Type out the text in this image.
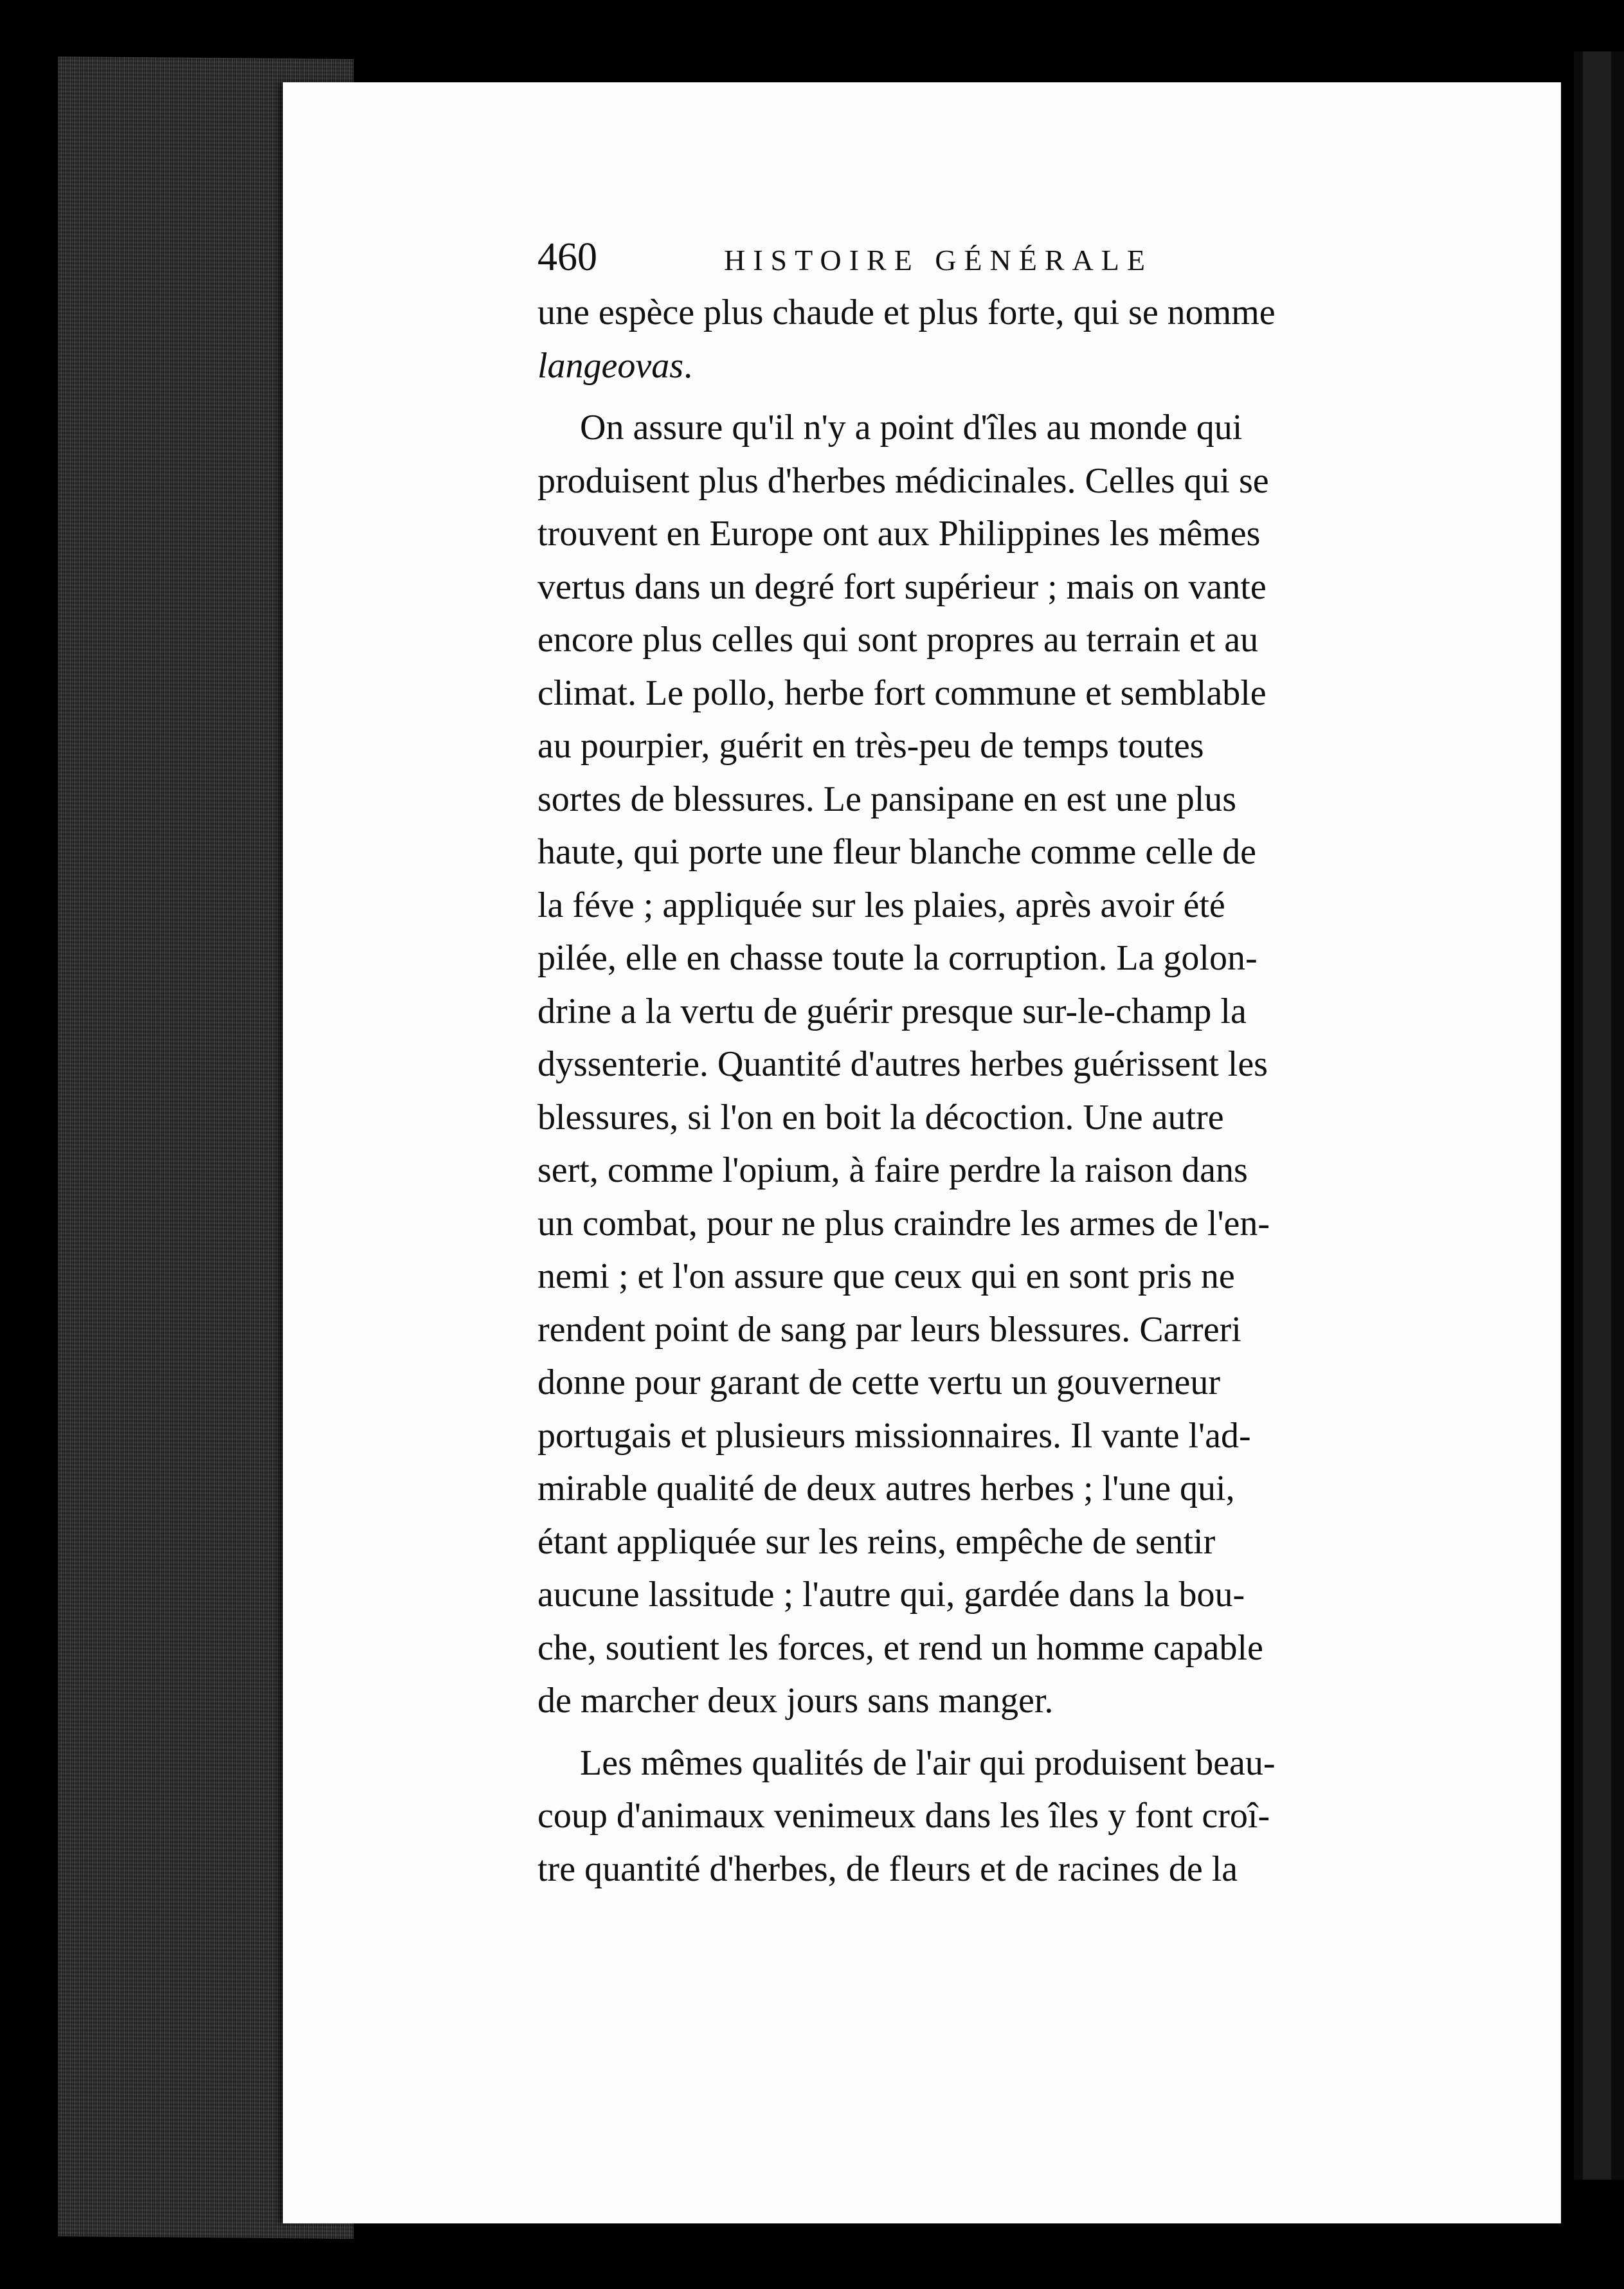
460	HISTOIRE GÉNÉRALE

une espèce plus chaude et plus forte, qui se nomme
langeovas.

On assure qu'il n'y a point d'îles au monde qui
produisent plus d'herbes médicinales. Celles qui se
trouvent en Europe ont aux Philippines les mêmes
vertus dans un degré fort supérieur ; mais on vante
encore plus celles qui sont propres au terrain et au
climat. Le pollo, herbe fort commune et semblable
au pourpier, guérit en très-peu de temps toutes
sortes de blessures. Le pansipane en est une plus
haute, qui porte une fleur blanche comme celle de
la féve ; appliquée sur les plaies, après avoir été
pilée, elle en chasse toute la corruption. La golon-
drine a la vertu de guérir presque sur-le-champ la
dyssenterie. Quantité d'autres herbes guérissent les
blessures, si l'on en boit la décoction. Une autre
sert, comme l'opium, à faire perdre la raison dans
un combat, pour ne plus craindre les armes de l'en-
nemi ; et l'on assure que ceux qui en sont pris ne
rendent point de sang par leurs blessures. Carreri
donne pour garant de cette vertu un gouverneur
portugais et plusieurs missionnaires. Il vante l'ad-
mirable qualité de deux autres herbes ; l'une qui,
étant appliquée sur les reins, empêche de sentir
aucune lassitude ; l'autre qui, gardée dans la bou-
che, soutient les forces, et rend un homme capable
de marcher deux jours sans manger.

Les mêmes qualités de l'air qui produisent beau-
coup d'animaux venimeux dans les îles y font croî-
tre quantité d'herbes, de fleurs et de racines de la
